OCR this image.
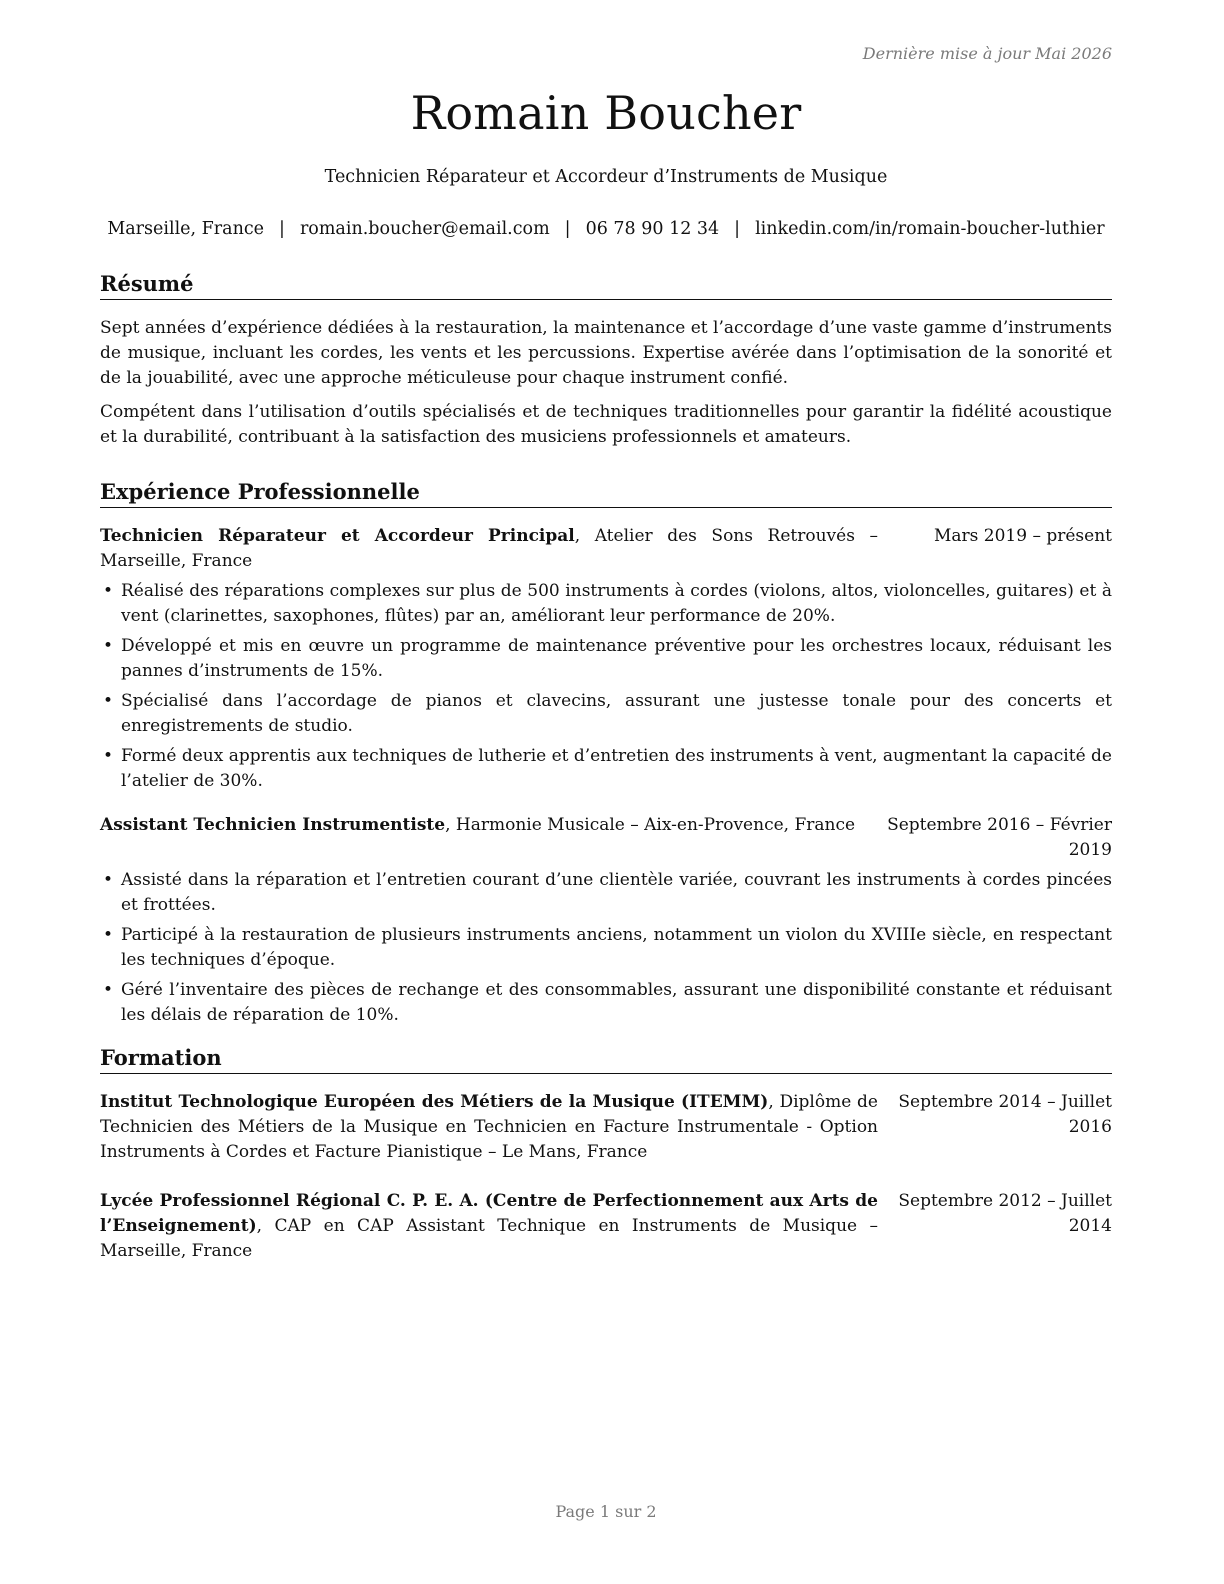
Dernière mise à jour Mai 2026
Romain Boucher
Technicien Réparateur et Accordeur d’Instruments de Musique
Marseille, France | romain.boucher@email.com | 06 78 90 12 34 | linkedin.com/in/romain-boucher-luthier
Résumé

Sept années d’expérience dédiées à la restauration, la maintenance et l’accordage d’une vaste gamme d’instruments de musique, incluant les cordes, les vents et les percussions. Expertise avérée dans l’optimisation de la sonorité et de la jouabilité, avec une approche méticuleuse pour chaque instrument confié.

Compétent dans l’utilisation d’outils spécialisés et de techniques traditionnelles pour garantir la fidélité acoustique et la durabilité, contribuant à la satisfaction des musiciens professionnels et amateurs.

Expérience Professionnelle
Technicien Réparateur et Accordeur Principal, Atelier des Sons Retrouvés – Marseille, France
Mars 2019 – présent
• Réalisé des réparations complexes sur plus de 500 instruments à cordes (violons, altos, violoncelles, guitares) et à vent (clarinettes, saxophones, flûtes) par an, améliorant leur performance de 20%.
• Développé et mis en œuvre un programme de maintenance préventive pour les orchestres locaux, réduisant les pannes d’instruments de 15%.
• Spécialisé dans l’accordage de pianos et clavecins, assurant une justesse tonale pour des concerts et enregistrements de studio.
• Formé deux apprentis aux techniques de lutherie et d’entretien des instruments à vent, augmentant la capacité de l’atelier de 30%.
Assistant Technicien Instrumentiste, Harmonie Musicale – Aix-en-Provence, France	Septembre 2016 – Février 2019
• Assisté dans la réparation et l’entretien courant d’une clientèle variée, couvrant les instruments à cordes pincées et frottées.
• Participé à la restauration de plusieurs instruments anciens, notamment un violon du XVIIIe siècle, en respectant les techniques d’époque.
• Géré l’inventaire des pièces de rechange et des consommables, assurant une disponibilité constante et réduisant les délais de réparation de 10%.
Formation
Institut Technologique Européen des Métiers de la Musique (ITEMM), Diplôme de Technicien des Métiers de la Musique en Technicien en Facture Instrumentale - Option Instruments à Cordes et Facture Pianistique – Le Mans, France
Septembre 2014 – Juillet 2016
Lycée Professionnel Régional C. P. E. A. (Centre de Perfectionnement aux Arts de l’Enseignement), CAP en CAP Assistant Technique en Instruments de Musique – Marseille, France
Septembre 2012 – Juillet 2014
Page 1 sur 2
